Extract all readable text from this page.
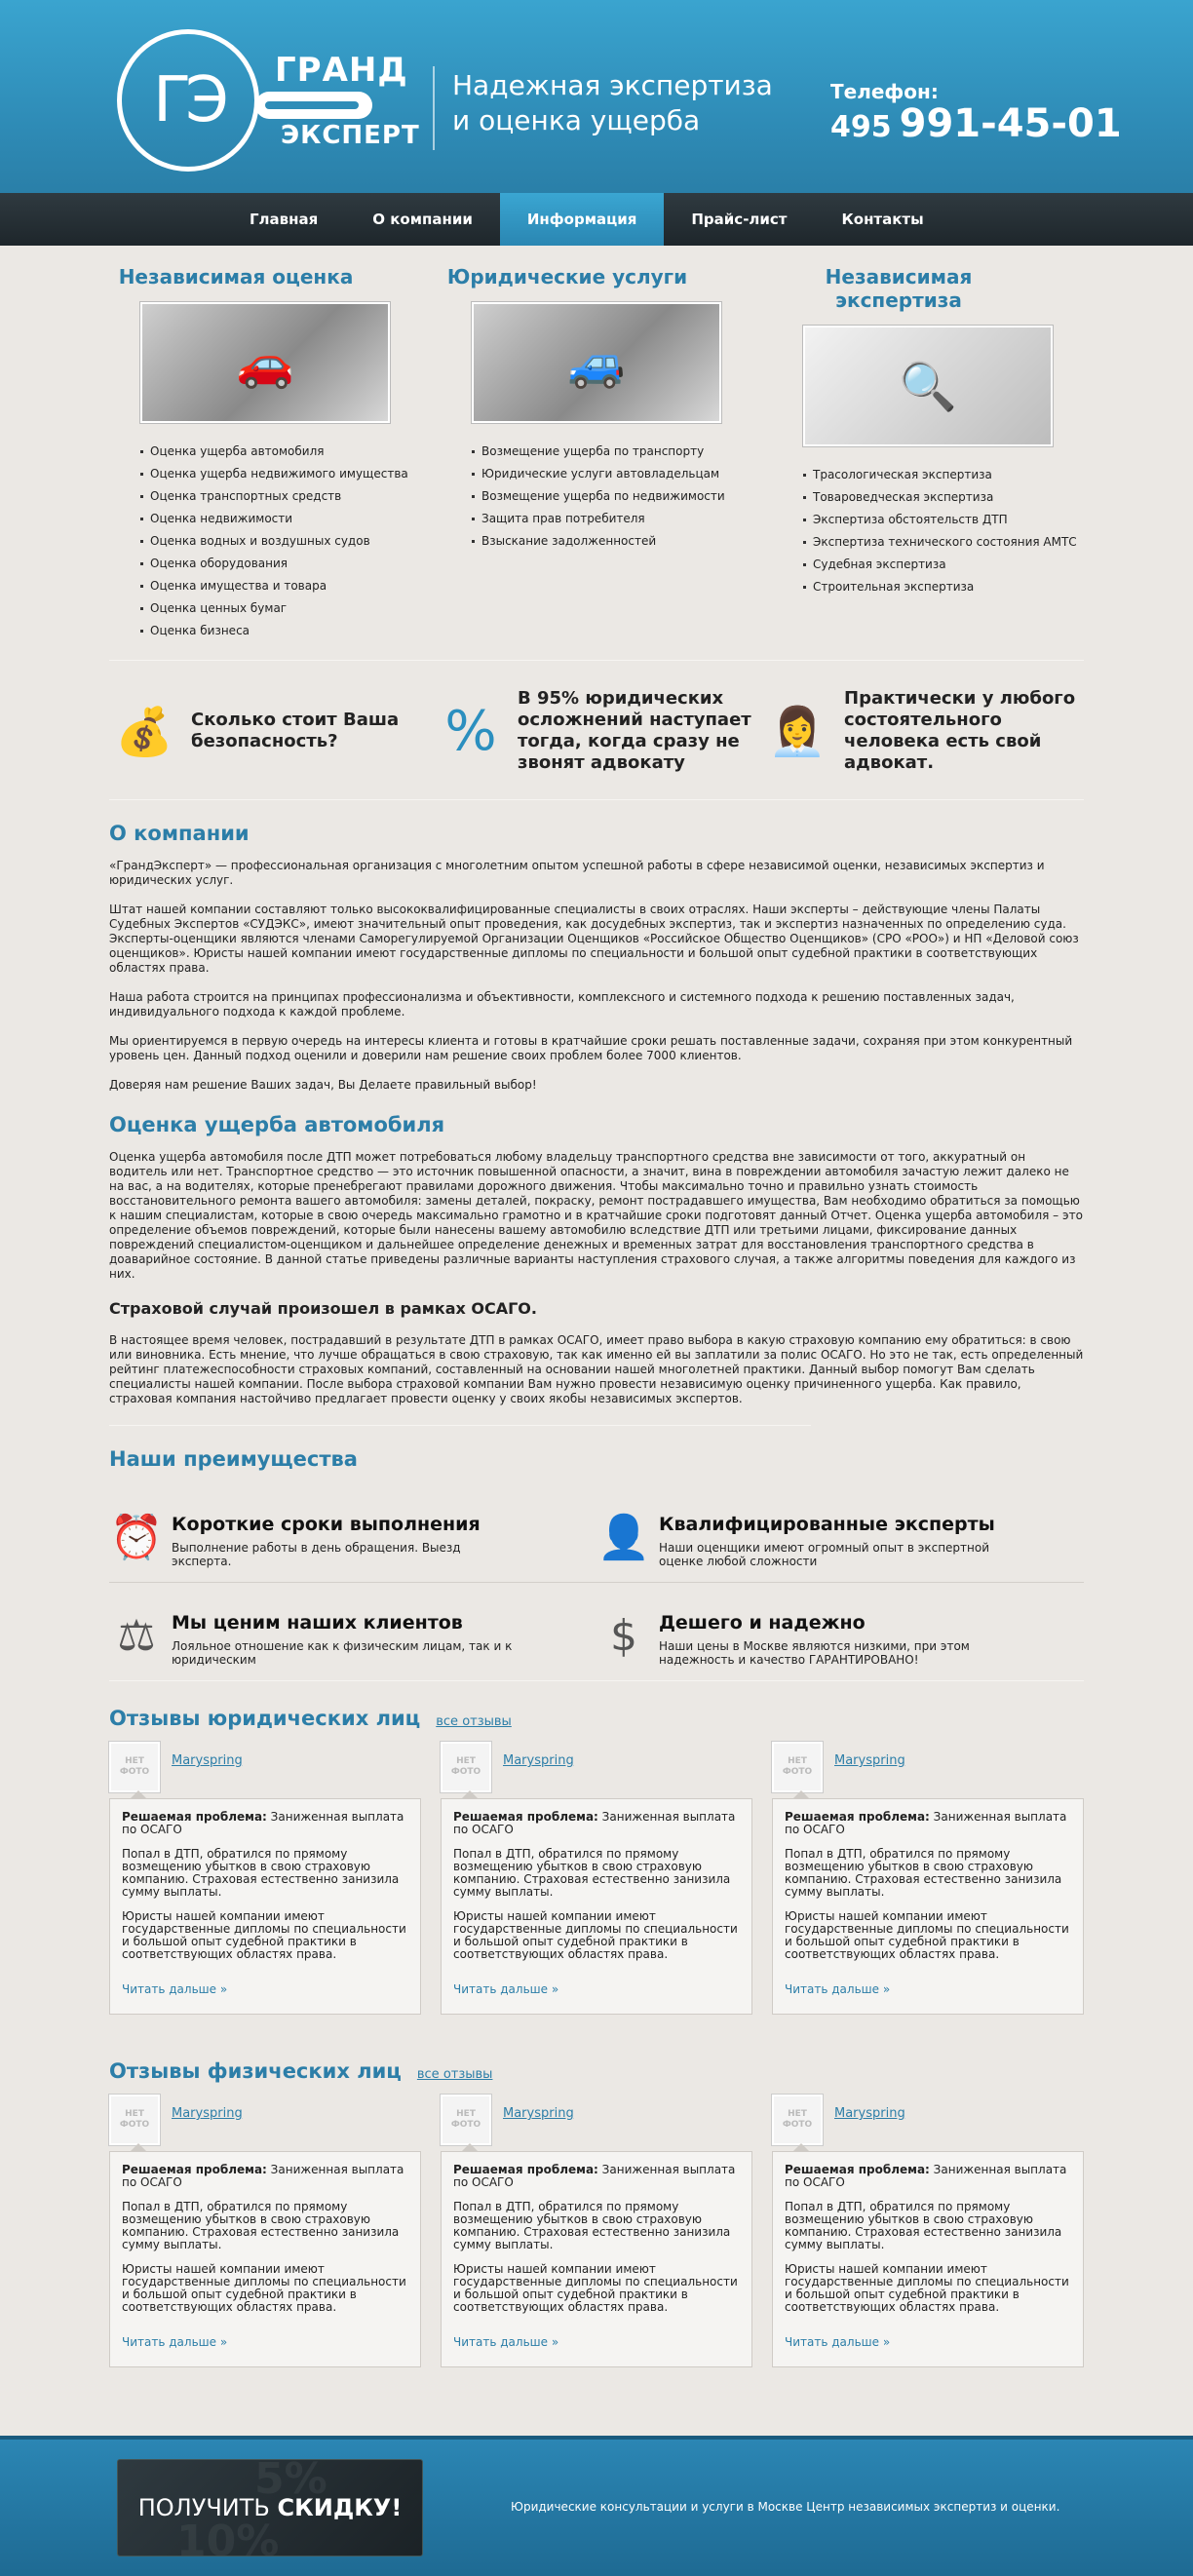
ГЭ ГРАНД
ЭКСПЕРТ
Надежная экспертиза и оценка ущерба
Телефон:
495 991-45-01
Главная	О компании	Информация	Прайс-лист	Контакты
Независимая оценка
🚗
Оценка ущерба автомобиля
Оценка ущерба недвижимого имущества
Оценка транспортных средств
Оценка недвижимости
Оценка водных и воздушных судов
Оценка оборудования
Оценка имущества и товара
Оценка ценных бумаг
Оценка бизнеса
Юридические услуги
🚙
Возмещение ущерба по транспорту
Юридические услуги автовладельцам
Возмещение ущерба по недвижимости
Защита прав потребителя
Взыскание задолженностей
Независимая экспертиза
🔍
Трасологическая экспертиза
Товароведческая экспертиза
Экспертиза обстоятельств ДТП
Экспертиза технического состояния АМТС
Судебная экспертиза
Строительная экспертиза
💰	Сколько стоит Ваша безопасность?	%

В 95% юридических осложнений наступает тогда, когда сразу не звонят адвокату

👩‍💼

Практически у любого состоятельного человека есть свой адвокат.

О компании

«ГрандЭксперт» — профессиональная организация с многолетним опытом успешной работы в сфере независимой оценки, независимых экспертиз и юридических услуг.

Штат нашей компании составляют только высококвалифицированные специалисты в своих отраслях. Наши эксперты – действующие члены Палаты Судебных Экспертов «СУДЭКС», имеют значительный опыт проведения, как досудебных экспертиз, так и экспертиз назначенных по определению суда. Эксперты-оценщики являются членами Саморегулируемой Организации Оценщиков «Российское Общество Оценщиков» (СРО «РОО») и НП «Деловой союз оценщиков». Юристы нашей компании имеют государственные дипломы по специальности и большой опыт судебной практики в соответствующих областях права.

Наша работа строится на принципах профессионализма и объективности, комплексного и системного подхода к решению поставленных задач, индивидуального подхода к каждой проблеме.

Мы ориентируемся в первую очередь на интересы клиента и готовы в кратчайшие сроки решать поставленные задачи, сохраняя при этом конкурентный уровень цен. Данный подход оценили и доверили нам решение своих проблем более 7000 клиентов.

Доверяя нам решение Ваших задач, Вы Делаете правильный выбор!

Оценка ущерба автомобиля

Оценка ущерба автомобиля после ДТП может потребоваться любому владельцу транспортного средства вне зависимости от того, аккуратный он водитель или нет. Транспортное средство — это источник повышенной опасности, а значит, вина в повреждении автомобиля зачастую лежит далеко не на вас, а на водителях, которые пренебрегают правилами дорожного движения. Чтобы максимально точно и правильно узнать стоимость восстановительного ремонта вашего автомобиля: замены деталей, покраску, ремонт пострадавшего имущества, Вам необходимо обратиться за помощью к нашим специалистам, которые в свою очередь максимально грамотно и в кратчайшие сроки подготовят данный Отчет. Оценка ущерба автомобиля – это определение объемов повреждений, которые были нанесены вашему автомобилю вследствие ДТП или третьими лицами, фиксирование данных повреждений специалистом-оценщиком и дальнейшее определение денежных и временных затрат для восстановления транспортного средства в доаварийное состояние. В данной статье приведены различные варианты наступления страхового случая, а также алгоритмы поведения для каждого из них.

Страховой случай произошел в рамках ОСАГО.

В настоящее время человек, пострадавший в результате ДТП в рамках ОСАГО, имеет право выбора в какую страховую компанию ему обратиться: в свою или виновника. Есть мнение, что лучше обращаться в свою страховую, так как именно ей вы заплатили за полис ОСАГО. Но это не так, есть определенный рейтинг платежеспособности страховых компаний, составленный на основании нашей многолетней практики. Данный выбор помогут Вам сделать специалисты нашей компании. После выбора страховой компании Вам нужно провести независимую оценку причиненного ущерба. Как правило, страховая компания настойчиво предлагает провести оценку у своих якобы независимых экспертов.

Наши преимущества
⏰ Короткие сроки выполнения
Выполнение работы в день обращения. Выезд эксперта.	👤 Квалифицированные эксперты
Наши оценщики имеют огромный опыт в экспертной оценке любой сложности
⚖ Мы ценим наших клиентов
Лояльное отношение как к физическим лицам, так и к юридическим	$	Дешего и надежно
Наши цены в Москве являются низкими, при этом надежность и качество ГАРАНТИРОВАНО!
Отзывы юридических лиц все отзывы
НЕТ ФОТО
Maryspring

Решаемая проблема: Заниженная выплата по ОСАГО

Попал в ДТП, обратился по прямому возмещению убытков в свою страховую компанию. Страховая естественно занизила сумму выплаты.

Юристы нашей компании имеют государственные дипломы по специальности и большой опыт судебной практики в соответствующих областях права.

Читать дальше »
НЕТ ФОТО
Maryspring

Решаемая проблема: Заниженная выплата по ОСАГО

Попал в ДТП, обратился по прямому возмещению убытков в свою страховую компанию. Страховая естественно занизила сумму выплаты.

Юристы нашей компании имеют государственные дипломы по специальности и большой опыт судебной практики в соответствующих областях права.

Читать дальше »
НЕТ ФОТО
Maryspring

Решаемая проблема: Заниженная выплата по ОСАГО

Попал в ДТП, обратился по прямому возмещению убытков в свою страховую компанию. Страховая естественно занизила сумму выплаты.

Юристы нашей компании имеют государственные дипломы по специальности и большой опыт судебной практики в соответствующих областях права.

Читать дальше »
Отзывы физических лиц все отзывы
НЕТ ФОТО
Maryspring

Решаемая проблема: Заниженная выплата по ОСАГО

Попал в ДТП, обратился по прямому возмещению убытков в свою страховую компанию. Страховая естественно занизила сумму выплаты.

Юристы нашей компании имеют государственные дипломы по специальности и большой опыт судебной практики в соответствующих областях права.

Читать дальше »
НЕТ ФОТО
Maryspring

Решаемая проблема: Заниженная выплата по ОСАГО

Попал в ДТП, обратился по прямому возмещению убытков в свою страховую компанию. Страховая естественно занизила сумму выплаты.

Юристы нашей компании имеют государственные дипломы по специальности и большой опыт судебной практики в соответствующих областях права.

Читать дальше »
НЕТ ФОТО
Maryspring

Решаемая проблема: Заниженная выплата по ОСАГО

Попал в ДТП, обратился по прямому возмещению убытков в свою страховую компанию. Страховая естественно занизила сумму выплаты.

Юристы нашей компании имеют государственные дипломы по специальности и большой опыт судебной практики в соответствующих областях права.

Читать дальше »
5%
10%
ПОЛУЧИТЬ СКИДКУ!	Юридические консультации и услуги в Москве Центр независимых экспертиз и оценки.
